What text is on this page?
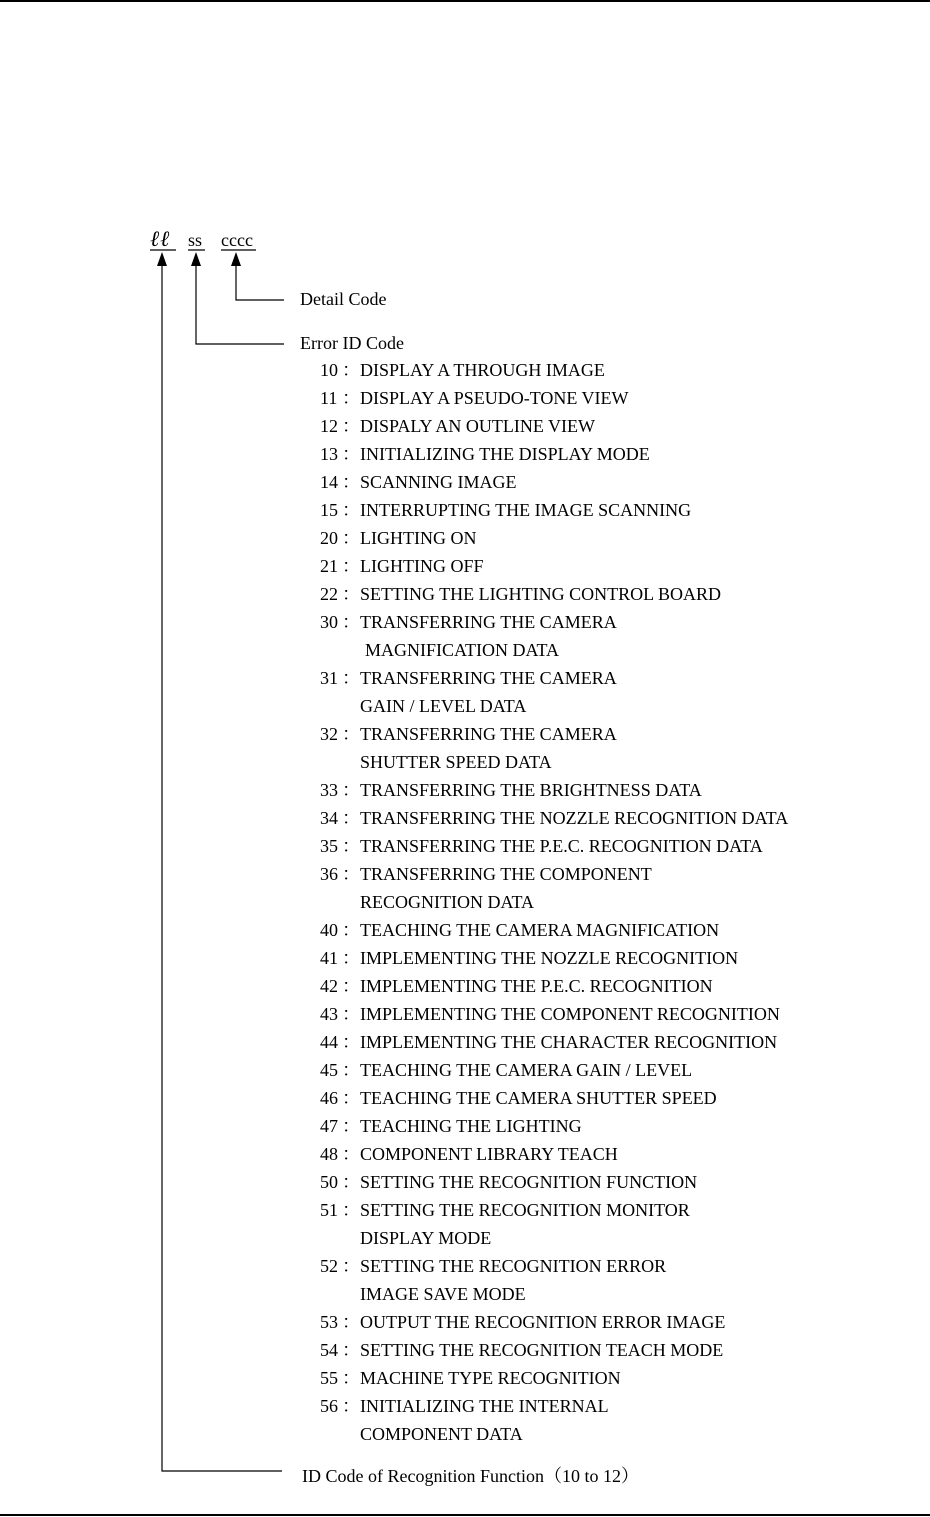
ℓℓ ss cccc
Detail Code
Error ID Code
ID Code of Recognition Function（10 to 12）
10 ： DISPLAY A THROUGH IMAGE
11 ： DISPLAY A PSEUDO-TONE VIEW
12 ： DISPALY AN OUTLINE VIEW
13 ： INITIALIZING THE DISPLAY MODE
14 ： SCANNING IMAGE
15 ： INTERRUPTING THE IMAGE SCANNING
20 ： LIGHTING ON
21 ： LIGHTING OFF
22 ： SETTING THE LIGHTING CONTROL BOARD
30 ： TRANSFERRING THE CAMERA
MAGNIFICATION DATA
31 ： TRANSFERRING THE CAMERA
GAIN / LEVEL DATA
32 ： TRANSFERRING THE CAMERA
SHUTTER SPEED DATA
33 ： TRANSFERRING THE BRIGHTNESS DATA
34 ： TRANSFERRING THE NOZZLE RECOGNITION DATA
35 ： TRANSFERRING THE P.E.C. RECOGNITION DATA
36 ： TRANSFERRING THE COMPONENT
RECOGNITION DATA
40 ： TEACHING THE CAMERA MAGNIFICATION
41 ： IMPLEMENTING THE NOZZLE RECOGNITION
42 ： IMPLEMENTING THE P.E.C. RECOGNITION
43 ： IMPLEMENTING THE COMPONENT RECOGNITION
44 ： IMPLEMENTING THE CHARACTER RECOGNITION
45 ： TEACHING THE CAMERA GAIN / LEVEL
46 ： TEACHING THE CAMERA SHUTTER SPEED
47 ： TEACHING THE LIGHTING
48 ： COMPONENT LIBRARY TEACH
50 ： SETTING THE RECOGNITION FUNCTION
51 ： SETTING THE RECOGNITION MONITOR
DISPLAY MODE
52 ： SETTING THE RECOGNITION ERROR
IMAGE SAVE MODE
53 ： OUTPUT THE RECOGNITION ERROR IMAGE
54 ： SETTING THE RECOGNITION TEACH MODE
55 ： MACHINE TYPE RECOGNITION
56 ： INITIALIZING THE INTERNAL
COMPONENT DATA
